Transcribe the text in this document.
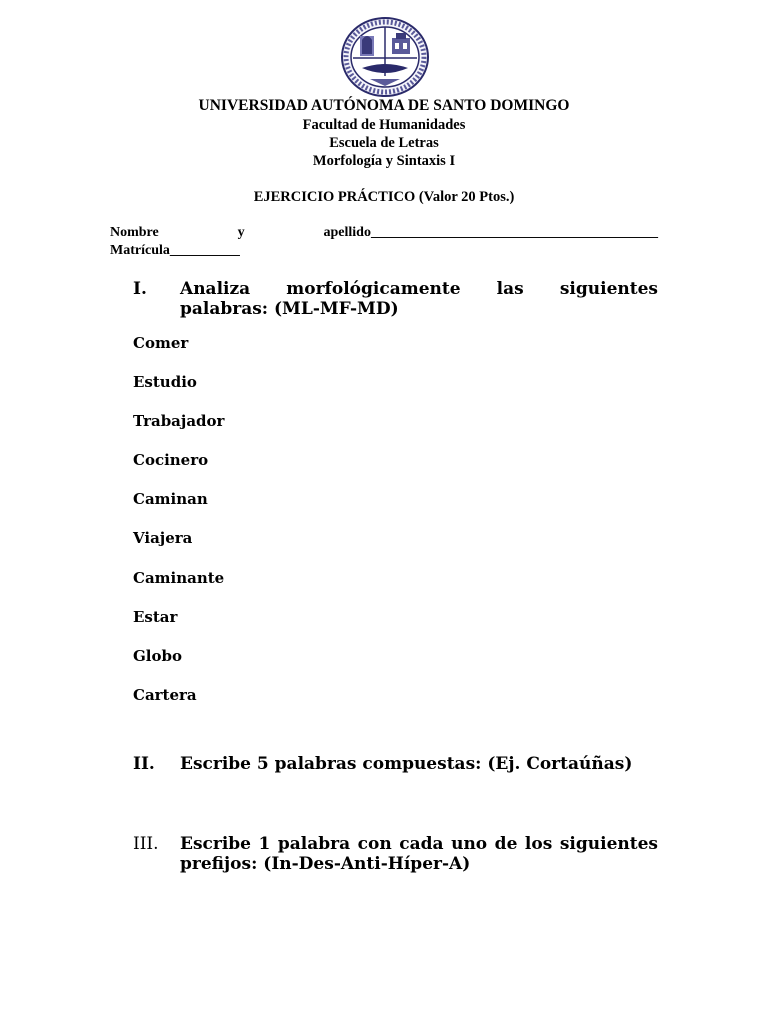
UNIVERSIDAD AUTÓNOMA DE SANTO DOMINGO
Facultad de Humanidades
Escuela de Letras
Morfología y Sintaxis I
EJERCICIO PRÁCTICO (Valor 20 Ptos.)
Nombre	y	apellido_________________________________________
Matrícula__________
I. Analiza morfológicamente las siguientes palabras: (ML-MF-MD)
Comer
Estudio
Trabajador
Cocinero
Caminan
Viajera
Caminante
Estar
Globo
Cartera
II. Escribe 5 palabras compuestas: (Ej. Cortaúñas)
III. Escribe 1 palabra con cada uno de los siguientes prefijos: (In-Des-Anti-Híper-A)
